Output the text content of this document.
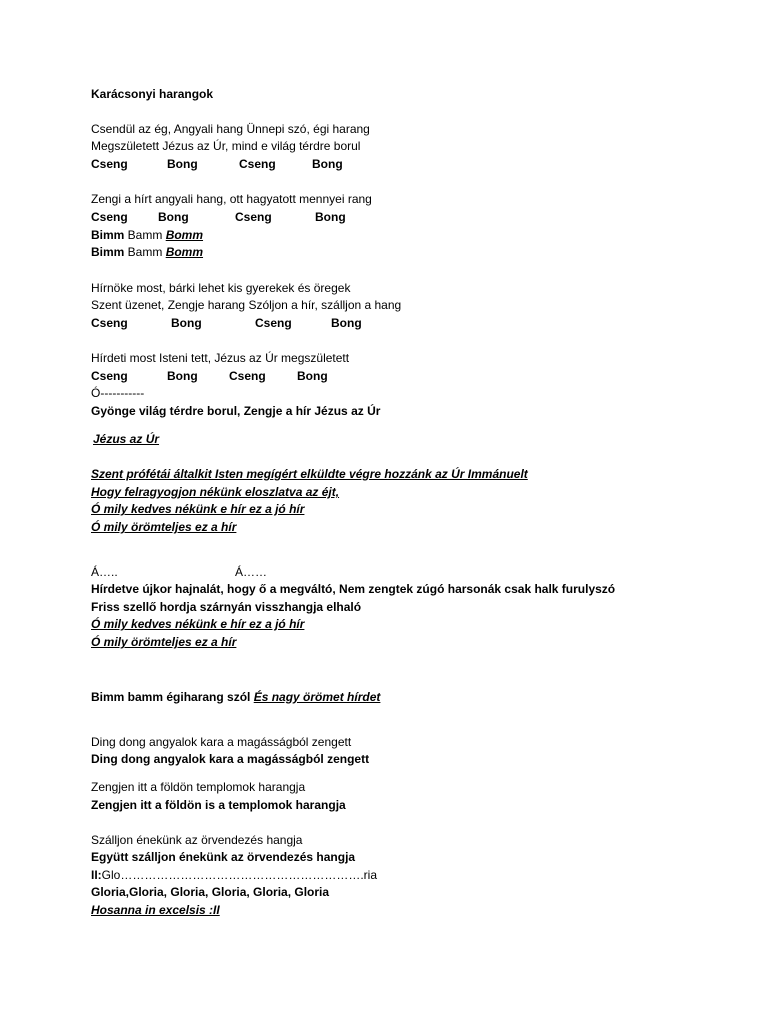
Karácsonyi harangok
Csendül az ég, Angyali hang Ünnepi szó, égi harang
Megszületett Jézus az Úr, mind e világ térdre borul
Cseng	Bong	Cseng	Bong
Zengi a hírt angyali hang, ott hagyatott mennyei rang
Cseng	Bong	Cseng	Bong
Bimm Bamm Bomm
Bimm Bamm Bomm
Hírnöke most, bárki lehet kis gyerekek és öregek
Szent üzenet, Zengje harang Szóljon a hír, szálljon a hang
Cseng	Bong	Cseng	Bong
Hírdeti most Isteni tett, Jézus az Úr megszületett
Cseng	Bong	Cseng	Bong
Ó-----------
Gyönge világ térdre borul, Zengje a hír Jézus az Úr
Jézus az Úr
Szent prófétái általkit Isten megígért elküldte végre hozzánk az Úr Immánuelt
Hogy felragyogjon nékünk eloszlatva az éjt,
Ó mily kedves nékünk e hír ez a jó hír
Ó mily örömteljes ez a hír
Á…..	Á……
Hírdetve újkor hajnalát, hogy ő a megváltó, Nem zengtek zúgó harsonák csak halk furulyszó
Friss szellő hordja szárnyán visszhangja elhaló
Ó mily kedves nékünk e hír ez a jó hír
Ó mily örömteljes ez a hír
Bimm bamm égiharang szól És nagy örömet hírdet
Ding dong angyalok kara a magásságból zengett
Ding dong angyalok kara a magásságból zengett
Zengjen itt a földön templomok harangja
Zengjen itt a földön is a templomok harangja
Szálljon énekünk az örvendezés hangja
Együtt szálljon énekünk az örvendezés hangja
II:Glo…………………………………………………….ria
Gloria,Gloria, Gloria, Gloria, Gloria, Gloria
Hosanna in excelsis :II
